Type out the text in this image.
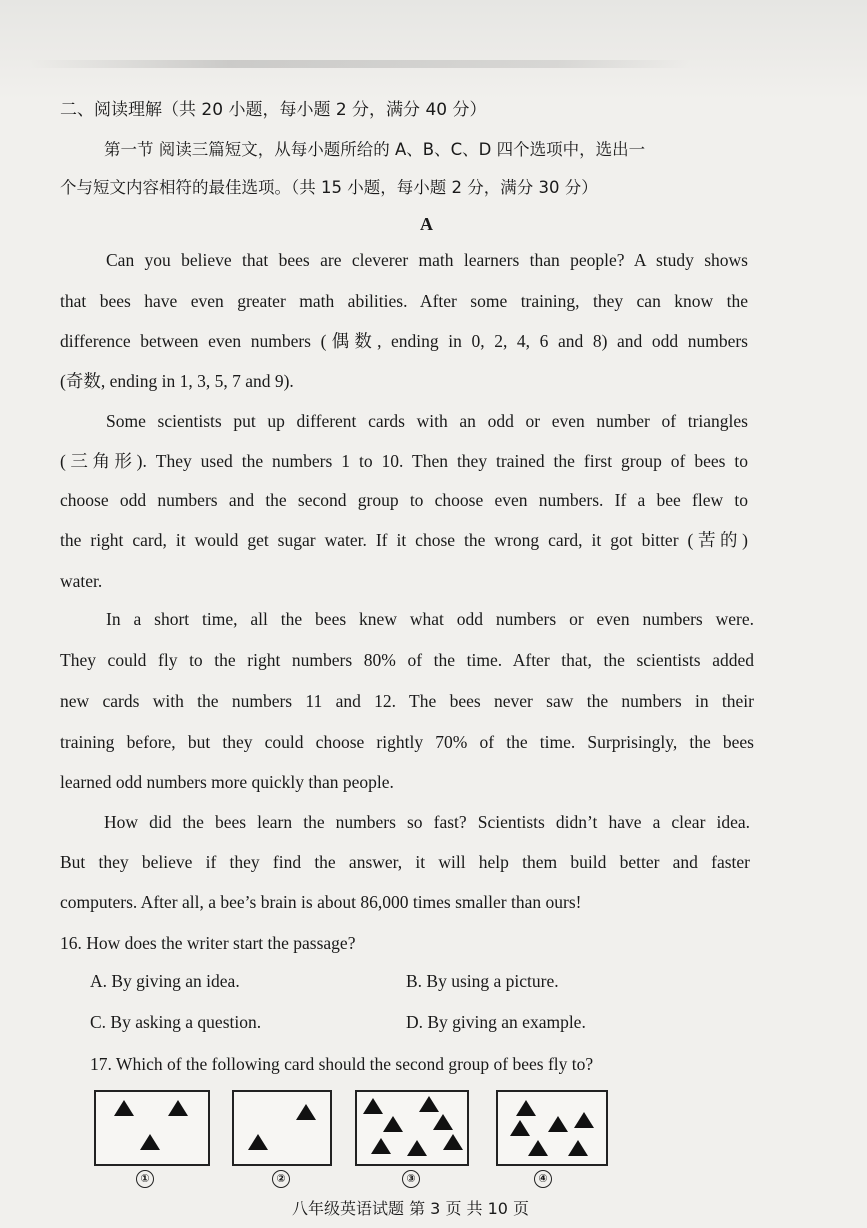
二、阅读理解（共 20 小题，每小题 2 分，满分 40 分）
第一节 阅读三篇短文，从每小题所给的 A、B、C、D 四个选项中，选出一
个与短文内容相符的最佳选项。（共 15 小题，每小题 2 分，满分 30 分）
A
Can you believe that bees are cleverer math learners than people? A study shows
that bees have even greater math abilities. After some training, they can know the
difference between even numbers (偶数, ending in 0, 2, 4, 6 and 8) and odd numbers
(奇数, ending in 1, 3, 5, 7 and 9).
Some scientists put up different cards with an odd or even number of triangles
(三角形). They used the numbers 1 to 10. Then they trained the first group of bees to
choose odd numbers and the second group to choose even numbers. If a bee flew to
the right card, it would get sugar water. If it chose the wrong card, it got bitter (苦的)
water.
In a short time, all the bees knew what odd numbers or even numbers were.
They could fly to the right numbers 80% of the time. After that, the scientists added
new cards with the numbers 11 and 12. The bees never saw the numbers in their
training before, but they could choose rightly 70% of the time. Surprisingly, the bees
learned odd numbers more quickly than people.
How did the bees learn the numbers so fast? Scientists didn’t have a clear idea.
But they believe if they find the answer, it will help them build better and faster
computers. After all, a bee’s brain is about 86,000 times smaller than ours!
16. How does the writer start the passage?
A. By giving an idea.	B. By using a picture.
C. By asking a question.	D. By giving an example.
17. Which of the following card should the second group of bees fly to?
①	②	③	④
八年级英语试题 第 3 页 共 10 页
